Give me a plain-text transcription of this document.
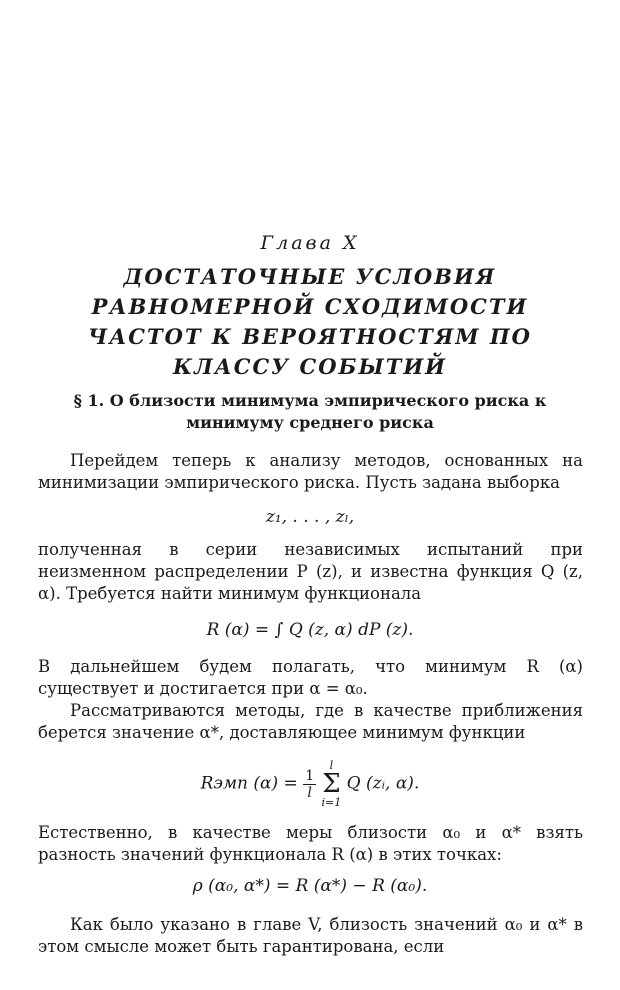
Глава X
ДОСТАТОЧНЫЕ УСЛОВИЯ РАВНОМЕРНОЙ СХОДИМОСТИ ЧАСТОТ К ВЕРОЯТНОСТЯМ ПО КЛАССУ СОБЫТИЙ
§ 1. О близости минимума эмпирического риска к минимуму среднего риска
Перейдем теперь к анализу методов, основанных на минимизации эмпирического риска. Пусть задана выборка
z₁, . . . , zₗ,
полученная в серии независимых испытаний при неизменном распределении P (z), и известна функция Q (z, α). Требуется найти минимум функционала
R (α) = ∫ Q (z, α) dP (z).
В дальнейшем будем полагать, что минимум R (α) существует и достигается при α = α₀.
Рассматриваются методы, где в качестве приближения берется значение α*, доставляющее минимум функции
Rэмп $(\alpha) = \frac{1}{l}$

l
Σ
i=1
Q (zᵢ, α).
Естественно, в качестве меры близости α₀ и α* взять разность значений функционала R (α) в этих точках:
ρ (α₀, α*) = R (α*) − R (α₀).
Как было указано в главе V, близость значений α₀ и α* в этом смысле может быть гарантирована, если
